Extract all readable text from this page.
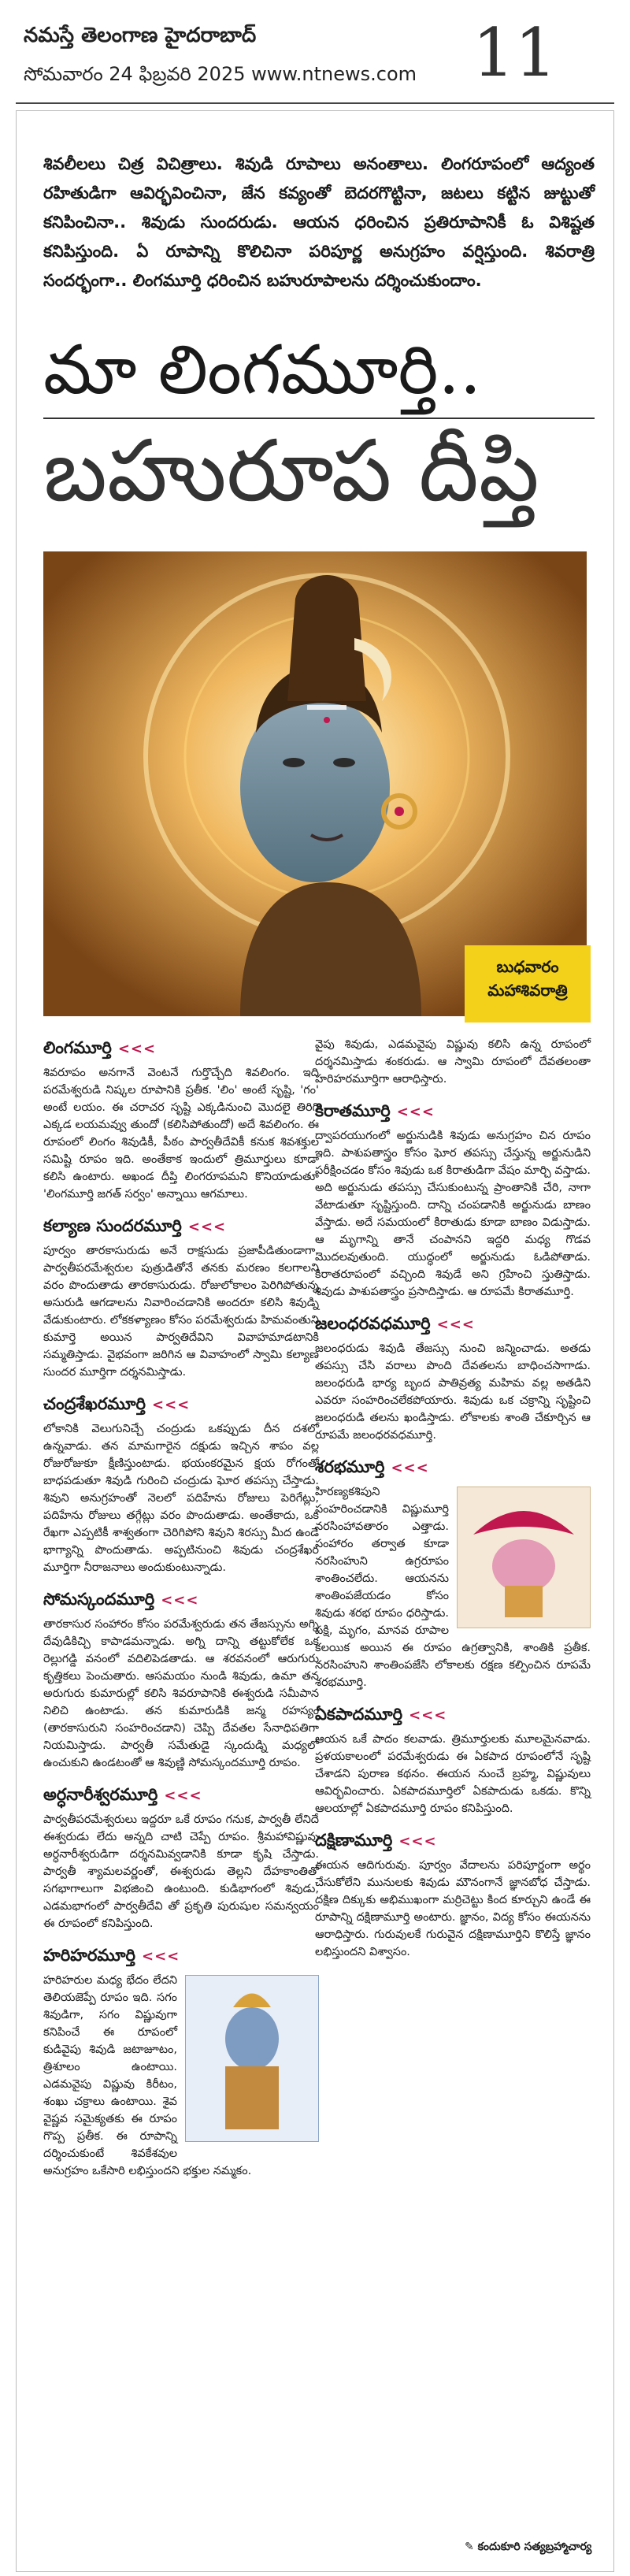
నమస్తే తెలంగాణ హైదరాబాద్
సోమవారం 24 ఫిబ్రవరి 2025 www.ntnews.com 11
శివలీలలు చిత్ర విచిత్రాలు. శివుడి రూపాలు అనంతాలు. లింగరూపంలో ఆద్యంత రహితుడిగా ఆవిర్భవించినా, జేన కవ్యంతో బెదరగొట్టినా, జటలు కట్టిన జుట్టుతో కనిపించినా.. శివుడు సుందరుడు. ఆయన ధరించిన ప్రతిరూపానికీ ఓ విశిష్టత కనిపిస్తుంది. ఏ రూపాన్ని కొలిచినా పరిపూర్ణ అనుగ్రహం వర్షిస్తుంది. శివరాత్రి సందర్భంగా.. లింగమూర్తి ధరించిన బహురూపాలను దర్శించుకుందాం.
మా లింగమూర్తి..
బహురూప దీప్తి
బుధవారం
మహాశివరాత్రి
లింగమూర్తి <<<

శివరూపం అనగానే వెంటనే గుర్తొచ్చేది శివలింగం. ఇది పరమేశ్వరుడి నిష్కల రూపానికి ప్రతీక. 'లిం' అంటే సృష్టి, 'గం' అంటే లయం. ఈ చరాచర సృష్టి ఎక్కడినుంచి మొదలై తిరిగి ఎక్కడ లయమవ్వు తుందో (కలిసిపోతుందో) అదే శివలింగం. ఈ రూపంలో లింగం శివుడికీ, పీఠం పార్వతీదేవికీ కనుక శివశక్తుల సమిష్టి రూపం ఇది. అంతేకాక ఇందులో త్రిమూర్తులు కూడా కలిసి ఉంటారు. అఖండ దీప్తి లింగరూపమని కొనియాడుతూ 'లింగమూర్తి జగత్ సర్వం' అన్నాయి ఆగమాలు.

కల్యాణ సుందరమూర్తి <<<

పూర్వం తారకాసురుడు అనే రాక్షసుడు ప్రజాపీడితుండాగా, పార్వతీపరమేశ్వరుల పుత్రుడితోనే తనకు మరణం కలగాలని వరం పొందుతాడు తారకాసురుడు. రోజులోకాలం పెరిగిపోతున్న అసురుడి ఆగడాలను నివారించడానికి అందరూ కలిసి శివుడ్ని వేడుకుంటారు. లోకకళ్యాణం కోసం పరమేశ్వరుడు హిమవంతుని కుమార్తె అయిన పార్వతిదేవిని వివాహమాడటానికి సమ్మతిస్తాడు. వైభవంగా జరిగిన ఆ వివాహంలో స్వామి కల్యాణ సుందర మూర్తిగా దర్శనమిస్తాడు.

చంద్రశేఖరమూర్తి <<<

లోకానికి వెలుగునిచ్చే చంద్రుడు ఒకప్పుడు దీన దశలో ఉన్నవాడు. తన మామగారైన దక్షుడు ఇచ్చిన శాపం వల్ల రోజురోజుకూ క్షీణిస్తుంటాడు. భయంకరమైన క్షయ రోగంతో బాధపడుతూ శివుడి గురించి చంద్రుడు ఘోర తపస్సు చేస్తాడు. శివుని అనుగ్రహంతో నెలలో పదిహేను రోజులు పెరిగేట్లు, పదిహేను రోజులు తగ్గేట్లు వరం పొందుతాడు. అంతేకాదు, ఒక రేఖగా ఎప్పటికీ శాశ్వతంగా చెరిగిపోని శివుని శిరస్సు మీద ఉండే భాగ్యాన్ని పొందుతాడు. అప్పటినుంచి శివుడు చంద్రశేఖర మూర్తిగా నీరాజనాలు అందుకుంటున్నాడు.

సోమస్కందమూర్తి <<<

తారకాసుర సంహారం కోసం పరమేశ్వరుడు తన తేజస్సును అగ్ని దేవుడికిచ్చి కాపాడమన్నాడు. అగ్ని దాన్ని తట్టుకోలేక ఒక రెల్లుగడ్డి వనంలో వదిలిపెడతాడు. ఆ శరవనంలో ఆరుగురు కృత్తికలు పెంచుతారు. ఆసమయం నుండి శివుడు, ఉమా తన అరుగురు కుమారుల్లో కలిసి శివరూపానికి ఈశ్వరుడి సమీపాన నిలిచి ఉంటాడు. తన కుమారుడికి జన్మ రహస్యం (తారకాసురుని సంహరించడాని) చెప్పి దేవతల సేనాధిపతిగా నియమిస్తాడు. పార్వతీ సమేతుడై స్కందుడ్ని మధ్యలో ఉంచుకుని ఉండటంతో ఆ శివుణ్ణి సోమస్కందమూర్తి రూపం.

అర్ధనారీశ్వరమూర్తి <<<

పార్వతీపరమేశ్వరులు ఇద్దరూ ఒకే రూపం గనుక, పార్వతీ లేనిదే ఈశ్వరుడు లేదు అన్నది చాటి చెప్పే రూపం. శ్రీమహావిష్ణువు అర్ధనారీశ్వరుడిగా దర్శనమివ్వడానికి కూడా కృషి చేస్తాడు. పార్వతీ శ్యామలవర్ణంతో, ఈశ్వరుడు తెల్లని దేహకాంతితో సగభాగాలుగా విభజించి ఉంటుంది. కుడిభాగంలో శివుడు, ఎడమభాగంలో పార్వతీదేవి తో ప్రకృతి పురుషుల సమన్వయం ఈ రూపంలో కనిపిస్తుంది.

హరిహరమూర్తి <<<

హరిహరుల మధ్య భేదం లేదని తెలియజెప్పే రూపం ఇది. సగం శివుడిగా, సగం విష్ణువుగా కనిపించే ఈ రూపంలో కుడివైపు శివుడి జటాజూటం, త్రిశూలం ఉంటాయి. ఎడమవైపు విష్ణువు కిరీటం, శంఖు చక్రాలు ఉంటాయి. శైవ వైష్ణవ సమైక్యతకు ఈ రూపం గొప్ప ప్రతీక. ఈ రూపాన్ని దర్శించుకుంటే శివకేశవుల అనుగ్రహం ఒకేసారి లభిస్తుందని భక్తుల నమ్మకం.

వైపు శివుడు, ఎడమవైపు విష్ణువు కలిసి ఉన్న రూపంలో దర్శనమిస్తాడు శంకరుడు. ఆ స్వామి రూపంలో దేవతలంతా హరిహరమూర్తిగా ఆరాధిస్తారు.

కిరాతమూర్తి <<<

ద్వాపరయుగంలో అర్జునుడికి శివుడు అనుగ్రహం చిన రూపం ఇది. పాశుపతాస్త్రం కోసం ఘోర తపస్సు చేస్తున్న అర్జునుడిని పరీక్షించడం కోసం శివుడు ఒక కిరాతుడిగా వేషం మార్చి వస్తాడు. అది అర్జునుడు తపస్సు చేసుకుంటున్న ప్రాంతానికి చేరి, నాగా వేటాడుతూ సృష్టిస్తుంది. దాన్ని చంపడానికి అర్జునుడు బాణం వేస్తాడు. అదే సమయంలో కిరాతుడు కూడా బాణం విడుస్తాడు. ఆ మృగాన్ని తానే చంపానని ఇద్దరి మధ్య గొడవ మొదలవుతుంది. యుద్ధంలో అర్జునుడు ఓడిపోతాడు. కిరాతరూపంలో వచ్చింది శివుడే అని గ్రహించి స్తుతిస్తాడు. శివుడు పాశుపతాస్త్రం ప్రసాదిస్తాడు. ఆ రూపమే కిరాతమూర్తి.

జలంధరవధమూర్తి <<<

జలంధరుడు శివుడి తేజస్సు నుంచి జన్మించాడు. అతడు తపస్సు చేసి వరాలు పొంది దేవతలను బాధించసాగాడు. జలంధరుడి భార్య బృంద పాతివ్రత్య మహిమ వల్ల అతడిని ఎవరూ సంహరించలేకపోయారు. శివుడు ఒక చక్రాన్ని సృష్టించి జలంధరుడి తలను ఖండిస్తాడు. లోకాలకు శాంతి చేకూర్చిన ఆ రూపమే జలంధరవధమూర్తి.

శరభమూర్తి <<<

హిరణ్యకశిపుని సంహరించడానికి విష్ణుమూర్తి నరసింహావతారం ఎత్తాడు. సంహారం తర్వాత కూడా నరసింహుని ఉగ్రరూపం శాంతించలేదు. ఆయనను శాంతింపజేయడం కోసం శివుడు శరభ రూపం ధరిస్తాడు. పక్షి, మృగం, మానవ రూపాల కలయిక అయిన ఈ రూపం ఉగ్రత్వానికి, శాంతికి ప్రతీక. నరసింహుని శాంతింపజేసి లోకాలకు రక్షణ కల్పించిన రూపమే శరభమూర్తి.

ఏకపాదమూర్తి <<<

ఆయన ఒకే పాదం కలవాడు. త్రిమూర్తులకు మూలమైనవాడు. ప్రళయకాలంలో పరమేశ్వరుడు ఈ ఏకపాద రూపంలోనే సృష్టి చేశాడని పురాణ కథనం. ఈయన నుంచే బ్రహ్మ, విష్ణువులు ఆవిర్భవించారు. ఏకపాదమూర్తిలో ఏకపాదుడు ఒకడు. కొన్ని ఆలయాల్లో ఏకపాదమూర్తి రూపం కనిపిస్తుంది.

దక్షిణామూర్తి <<<

ఈయన ఆదిగురువు. పూర్వం వేదాలను పరిపూర్ణంగా అర్థం చేసుకోలేని మునులకు శివుడు మౌనంగానే జ్ఞానబోధ చేస్తాడు. దక్షిణ దిక్కుకు అభిముఖంగా మర్రిచెట్టు కింద కూర్చుని ఉండే ఈ రూపాన్ని దక్షిణామూర్తి అంటారు. జ్ఞానం, విద్య కోసం ఈయనను ఆరాధిస్తారు. గురువులకే గురువైన దక్షిణామూర్తిని కొలిస్తే జ్ఞానం లభిస్తుందని విశ్వాసం.

✎ కందుకూరి సత్యబ్రహ్మాచార్య
